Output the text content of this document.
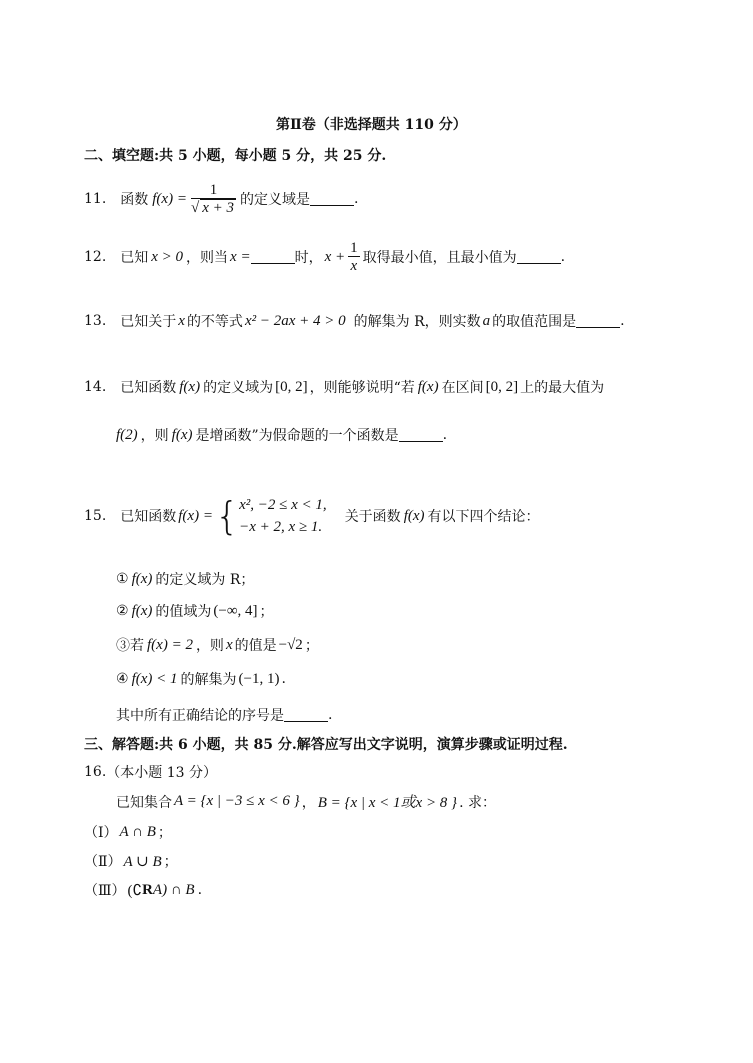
第Ⅱ卷（非选择题共 110 分）
二、填空题:共 5 小题，每小题 5 分，共 25 分.
11. 函数 $f(x) = \frac{1}{√ x + 3}$ 的定义域是	.
12. 已知 x > 0 ，则当 x =	时， $x + \frac{1}{x}$ 取得最小值，且最小值为	.
13. 已知关于 x 的不等式 x² − 2ax + 4 > 0 的解集为 R，则实数 a 的取值范围是	.
14. 已知函数 f(x) 的定义域为 [0, 2] ，则能够说明“若 f(x) 在区间 [0, 2] 上的最大值为
f(2) ，则 f(x) 是增函数”为假命题的一个函数是	.
15. 已知函数 f(x) = { x², −2 ≤ x < 1,
−x + 2, x ≥ 1.
关于函数 f(x) 有以下四个结论：
① f(x) 的定义域为 R；
② f(x) 的值域为 (−∞, 4] ；
③若 f(x) = 2 ，则 x 的值是 −√2 ；
④ f(x) < 1 的解集为 (−1, 1) .
其中所有正确结论的序号是	.
三、解答题:共 6 小题，共 85 分.解答应写出文字说明，演算步骤或证明过程.
16. （本小题 13 分）
已知集合 A = {x | −3 ≤ x < 6 } ， B = {x | x < 1或x > 8 } . 求：
（Ⅰ） A ∩ B ；
（Ⅱ） A ∪ B ；
（Ⅲ） (∁ R A) ∩ B .
